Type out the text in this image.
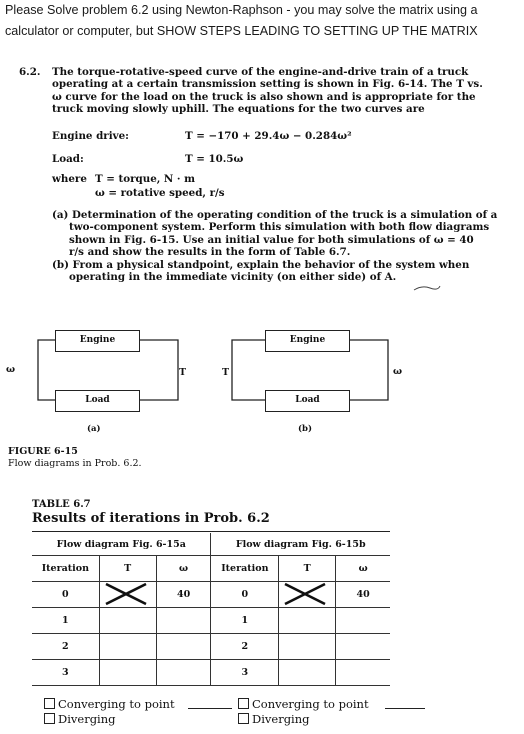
Please Solve problem 6.2 using Newton-Raphson - you may solve the matrix using a
calculator or computer, but SHOW STEPS LEADING TO SETTING UP THE MATRIX
6.2. The torque-rotative-speed curve of the engine-and-drive train of a truck
operating at a certain transmission setting is shown in Fig. 6-14. The T vs.
ω curve for the load on the truck is also shown and is appropriate for the
truck moving slowly uphill. The equations for the two curves are
Engine drive:	T = −170 + 29.4ω − 0.284ω²
Load:	T = 10.5ω
where T = torque, N · m
ω = rotative speed, r/s
(a) Determination of the operating condition of the truck is a simulation of a
two-component system. Perform this simulation with both flow diagrams
shown in Fig. 6-15. Use an initial value for both simulations of ω = 40
r/s and show the results in the form of Table 6.7.
(b) From a physical standpoint, explain the behavior of the system when
operating in the immediate vicinity (on either side) of A.
Engine
Load
Engine
Load
ω	T	T	ω
(a)	(b)
FIGURE 6-15
Flow diagrams in Prob. 6.2.
TABLE 6.7
Results of iterations in Prob. 6.2
Flow diagram Fig. 6-15a			Flow diagram Fig. 6-15b		
Iteration	T	ω	Iteration	T	ω
0		40	0		40
1			1		
2			2		
3			3		
Converging to point
Diverging
Converging to point
Diverging
